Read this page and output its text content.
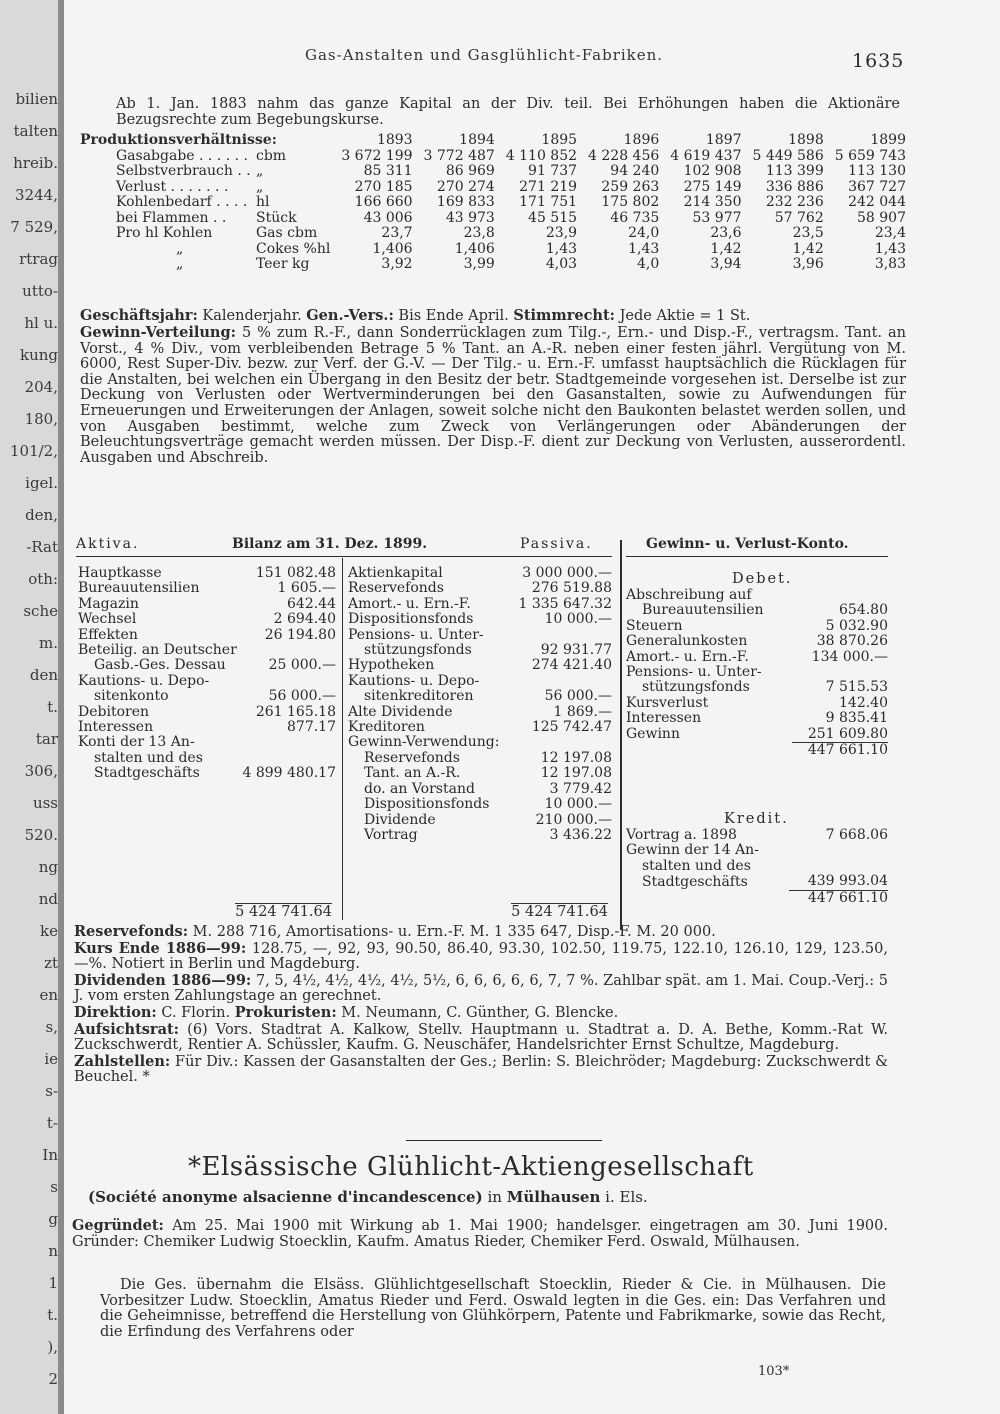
bilien
talten
hreib.
3244,
7 529,
rtrag
utto-
hl u.
kung
204,
180,
101/2,
igel.
den,
-Rat
oth:
sche
m.
den
t.
tar
306,
uss
520.
ng
nd
ke
zt
en
s,
ie
s-
t-
In
s
g
n
1
t.
),
2
Gas-Anstalten und Gasglühlicht-Fabriken.	1635
Ab 1. Jan. 1883 nahm das ganze Kapital an der Div. teil. Bei Erhöhungen haben die Aktionäre Bezugsrechte zum Begebungskurse.
Produktionsverhältnisse:
			1893	1894	1895	1896	1897	1898	1899
Gasabgabe . . . . . .	cbm	3 672 199	3 772 487	4 110 852	4 228 456	4 619 437	5 449 586	5 659 743
Selbstverbrauch . .	„	85 311	86 969	91 737	94 240	102 908	113 399	113 130
Verlust . . . . . . .	„	270 185	270 274	271 219	259 263	275 149	336 886	367 727
Kohlenbedarf . . . .	hl	166 660	169 833	171 751	175 802	214 350	232 236	242 044
bei Flammen . .	Stück	43 006	43 973	45 515	46 735	53 977	57 762	58 907
Pro hl Kohlen	Gas cbm	23,7	23,8	23,9	24,0	23,6	23,5	23,4
„	Cokes %hl	1,406	1,406	1,43	1,43	1,42	1,42	1,43
„	Teer kg	3,92	3,99	4,03	4,0	3,94	3,96	3,83
Geschäftsjahr: Kalenderjahr. Gen.-Vers.: Bis Ende April. Stimmrecht: Jede Aktie = 1 St.
Gewinn-Verteilung: 5 % zum R.-F., dann Sonderrücklagen zum Tilg.-, Ern.- und Disp.-F., vertragsm. Tant. an Vorst., 4 % Div., vom verbleibenden Betrage 5 % Tant. an A.-R. neben einer festen jährl. Vergütung von M. 6000, Rest Super-Div. bezw. zur Verf. der G.-V. — Der Tilg.- u. Ern.-F. umfasst hauptsächlich die Rücklagen für die Anstalten, bei welchen ein Übergang in den Besitz der betr. Stadtgemeinde vorgesehen ist. Derselbe ist zur Deckung von Verlusten oder Wertverminderungen bei den Gasanstalten, sowie zu Aufwendungen für Erneuerungen und Erweiterungen der Anlagen, soweit solche nicht den Baukonten belastet werden sollen, und von Ausgaben bestimmt, welche zum Zweck von Verlängerungen oder Abänderungen der Beleuchtungsverträge gemacht werden müssen. Der Disp.-F. dient zur Deckung von Verlusten, ausserordentl. Ausgaben und Abschreib.
Aktiva.	Bilanz am 31. Dez. 1899.	Passiva.	Gewinn- u. Verlust-Konto.
Hauptkasse	151 082.48
Bureauutensilien	1 605.—
Magazin	642.44
Wechsel	2 694.40
Effekten	26 194.80
Beteilig. an Deutscher	
Gasb.-Ges. Dessau	25 000.—
Kautions- u. Depo-	
sitenkonto	56 000.—
Debitoren	261 165.18
Interessen	877.17
Konti der 13 An-	
stalten und des	
Stadtgeschäfts	4 899 480.17
Aktienkapital	3 000 000.—
Reservefonds	276 519.88
Amort.- u. Ern.-F.	1 335 647.32
Dispositionsfonds	10 000.—
Pensions- u. Unter-	
stützungsfonds	92 931.77
Hypotheken	274 421.40
Kautions- u. Depo-	
sitenkreditoren	56 000.—
Alte Dividende	1 869.—
Kreditoren	125 742.47
Gewinn-Verwendung:	
Reservefonds	12 197.08
Tant. an A.-R.	12 197.08
do. an Vorstand	3 779.42
Dispositionsfonds	10 000.—
Dividende	210 000.—
Vortrag	3 436.22
Debet.
Abschreibung auf	
Bureauutensilien	654.80
Steuern	5 032.90
Generalunkosten	38 870.26
Amort.- u. Ern.-F.	134 000.—
Pensions- u. Unter-	
stützungsfonds	7 515.53
Kursverlust	142.40
Interessen	9 835.41
Gewinn	251 609.80
	447 661.10
Kredit.
Vortrag a. 1898	7 668.06
Gewinn der 14 An-	
stalten und des	
Stadtgeschäfts	439 993.04
	447 661.10
5 424 741.64	5 424 741.64
Reservefonds: M. 288 716, Amortisations- u. Ern.-F. M. 1 335 647, Disp.-F. M. 20 000.
Kurs Ende 1886—99: 128.75, —, 92, 93, 90.50, 86.40, 93.30, 102.50, 119.75, 122.10, 126.10, 129, 123.50, —%. Notiert in Berlin und Magdeburg.
Dividenden 1886—99: 7, 5, 4½, 4½, 4½, 4½, 5½, 6, 6, 6, 6, 6, 7, 7 %. Zahlbar spät. am 1. Mai. Coup.-Verj.: 5 J. vom ersten Zahlungstage an gerechnet.
Direktion: C. Florin. Prokuristen: M. Neumann, C. Günther, G. Blencke.
Aufsichtsrat: (6) Vors. Stadtrat A. Kalkow, Stellv. Hauptmann u. Stadtrat a. D. A. Bethe, Komm.-Rat W. Zuckschwerdt, Rentier A. Schüssler, Kaufm. G. Neuschäfer, Handelsrichter Ernst Schultze, Magdeburg.
Zahlstellen: Für Div.: Kassen der Gasanstalten der Ges.; Berlin: S. Bleichröder; Magdeburg: Zuckschwerdt & Beuchel. *
*Elsässische Glühlicht-Aktiengesellschaft
(Société anonyme alsacienne d'incandescence) in Mülhausen i. Els.
Gegründet: Am 25. Mai 1900 mit Wirkung ab 1. Mai 1900; handelsger. eingetragen am 30. Juni 1900. Gründer: Chemiker Ludwig Stoecklin, Kaufm. Amatus Rieder, Chemiker Ferd. Oswald, Mülhausen.
Die Ges. übernahm die Elsäss. Glühlichtgesellschaft Stoecklin, Rieder & Cie. in Mülhausen. Die Vorbesitzer Ludw. Stoecklin, Amatus Rieder und Ferd. Oswald legten in die Ges. ein: Das Verfahren und die Geheimnisse, betreffend die Herstellung von Glühkörpern, Patente und Fabrikmarke, sowie das Recht, die Erfindung des Verfahrens oder
103*
